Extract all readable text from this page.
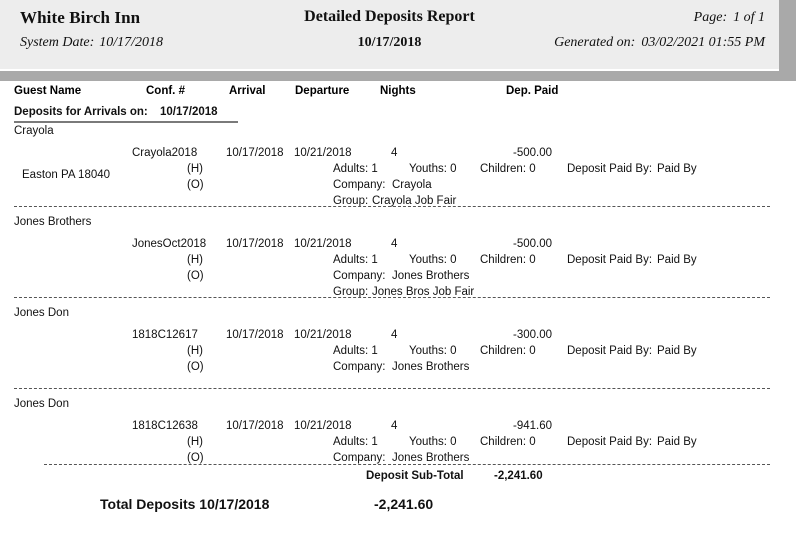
White Birch Inn	Detailed Deposits Report	Page: 1 of 1
System Date: 10/17/2018	10/17/2018	Generated on: 03/02/2021 01:55 PM
Guest Name	Conf. #	Arrival	Departure	Nights	Dep. Paid
Deposits for Arrivals on: 10/17/2018
Crayola
Easton PA 18040
Crayola2018	10/17/2018 10/21/2018	4	-500.00
(H)	Adults: 1	Youths: 0 Children: 0	Deposit Paid By: Paid By
(O)	Company: Crayola
Group: Crayola Job Fair
Jones Brothers
JonesOct2018 10/17/2018 10/21/2018	4	-500.00
(H)	Adults: 1	Youths: 0 Children: 0	Deposit Paid By: Paid By
(O)	Company: Jones Brothers
Group: Jones Bros Job Fair
Jones Don
1818C12617 10/17/2018 10/21/2018	4	-300.00
(H)	Adults: 1	Youths: 0 Children: 0	Deposit Paid By: Paid By
(O)	Company: Jones Brothers
Jones Don
1818C12638 10/17/2018 10/21/2018	4	-941.60
(H)	Adults: 1	Youths: 0 Children: 0	Deposit Paid By: Paid By
(O)	Company: Jones Brothers
Deposit Sub-Total	-2,241.60
Total Deposits 10/17/2018	-2,241.60
